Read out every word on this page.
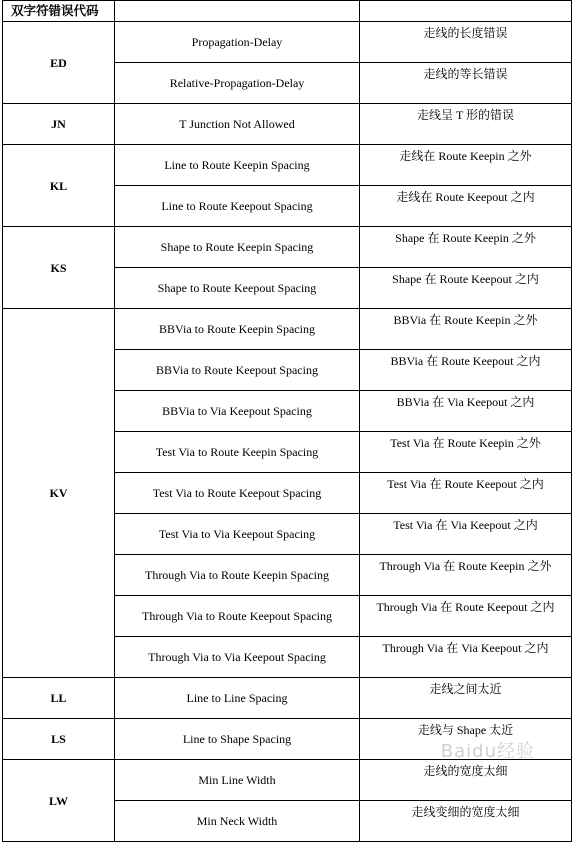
双字符错误代码		
ED	Propagation-Delay	走线的长度错误
	Relative-Propagation-Delay	走线的等长错误
JN	T Junction Not Allowed	走线呈 T 形的错误
KL	Line to Route Keepin Spacing	走线在 Route Keepin 之外
	Line to Route Keepout Spacing	走线在 Route Keepout 之内
KS	Shape to Route Keepin Spacing	Shape 在 Route Keepin 之外
	Shape to Route Keepout Spacing	Shape 在 Route Keepout 之内
KV	BBVia to Route Keepin Spacing	BBVia 在 Route Keepin 之外
	BBVia to Route Keepout Spacing	BBVia 在 Route Keepout 之内
	BBVia to Via Keepout Spacing	BBVia 在 Via Keepout 之内
	Test Via to Route Keepin Spacing	Test Via 在 Route Keepin 之外
	Test Via to Route Keepout Spacing	Test Via 在 Route Keepout 之内
	Test Via to Via Keepout Spacing	Test Via 在 Via Keepout 之内
	Through Via to Route Keepin Spacing	Through Via 在 Route Keepin 之外
	Through Via to Route Keepout Spacing	Through Via 在 Route Keepout 之内
	Through Via to Via Keepout Spacing	Through Via 在 Via Keepout 之内
LL	Line to Line Spacing	走线之间太近
LS	Line to Shape Spacing	走线与 Shape 太近
LW	Min Line Width	走线的宽度太细
	Min Neck Width	走线变细的宽度太细
Baidu经验
